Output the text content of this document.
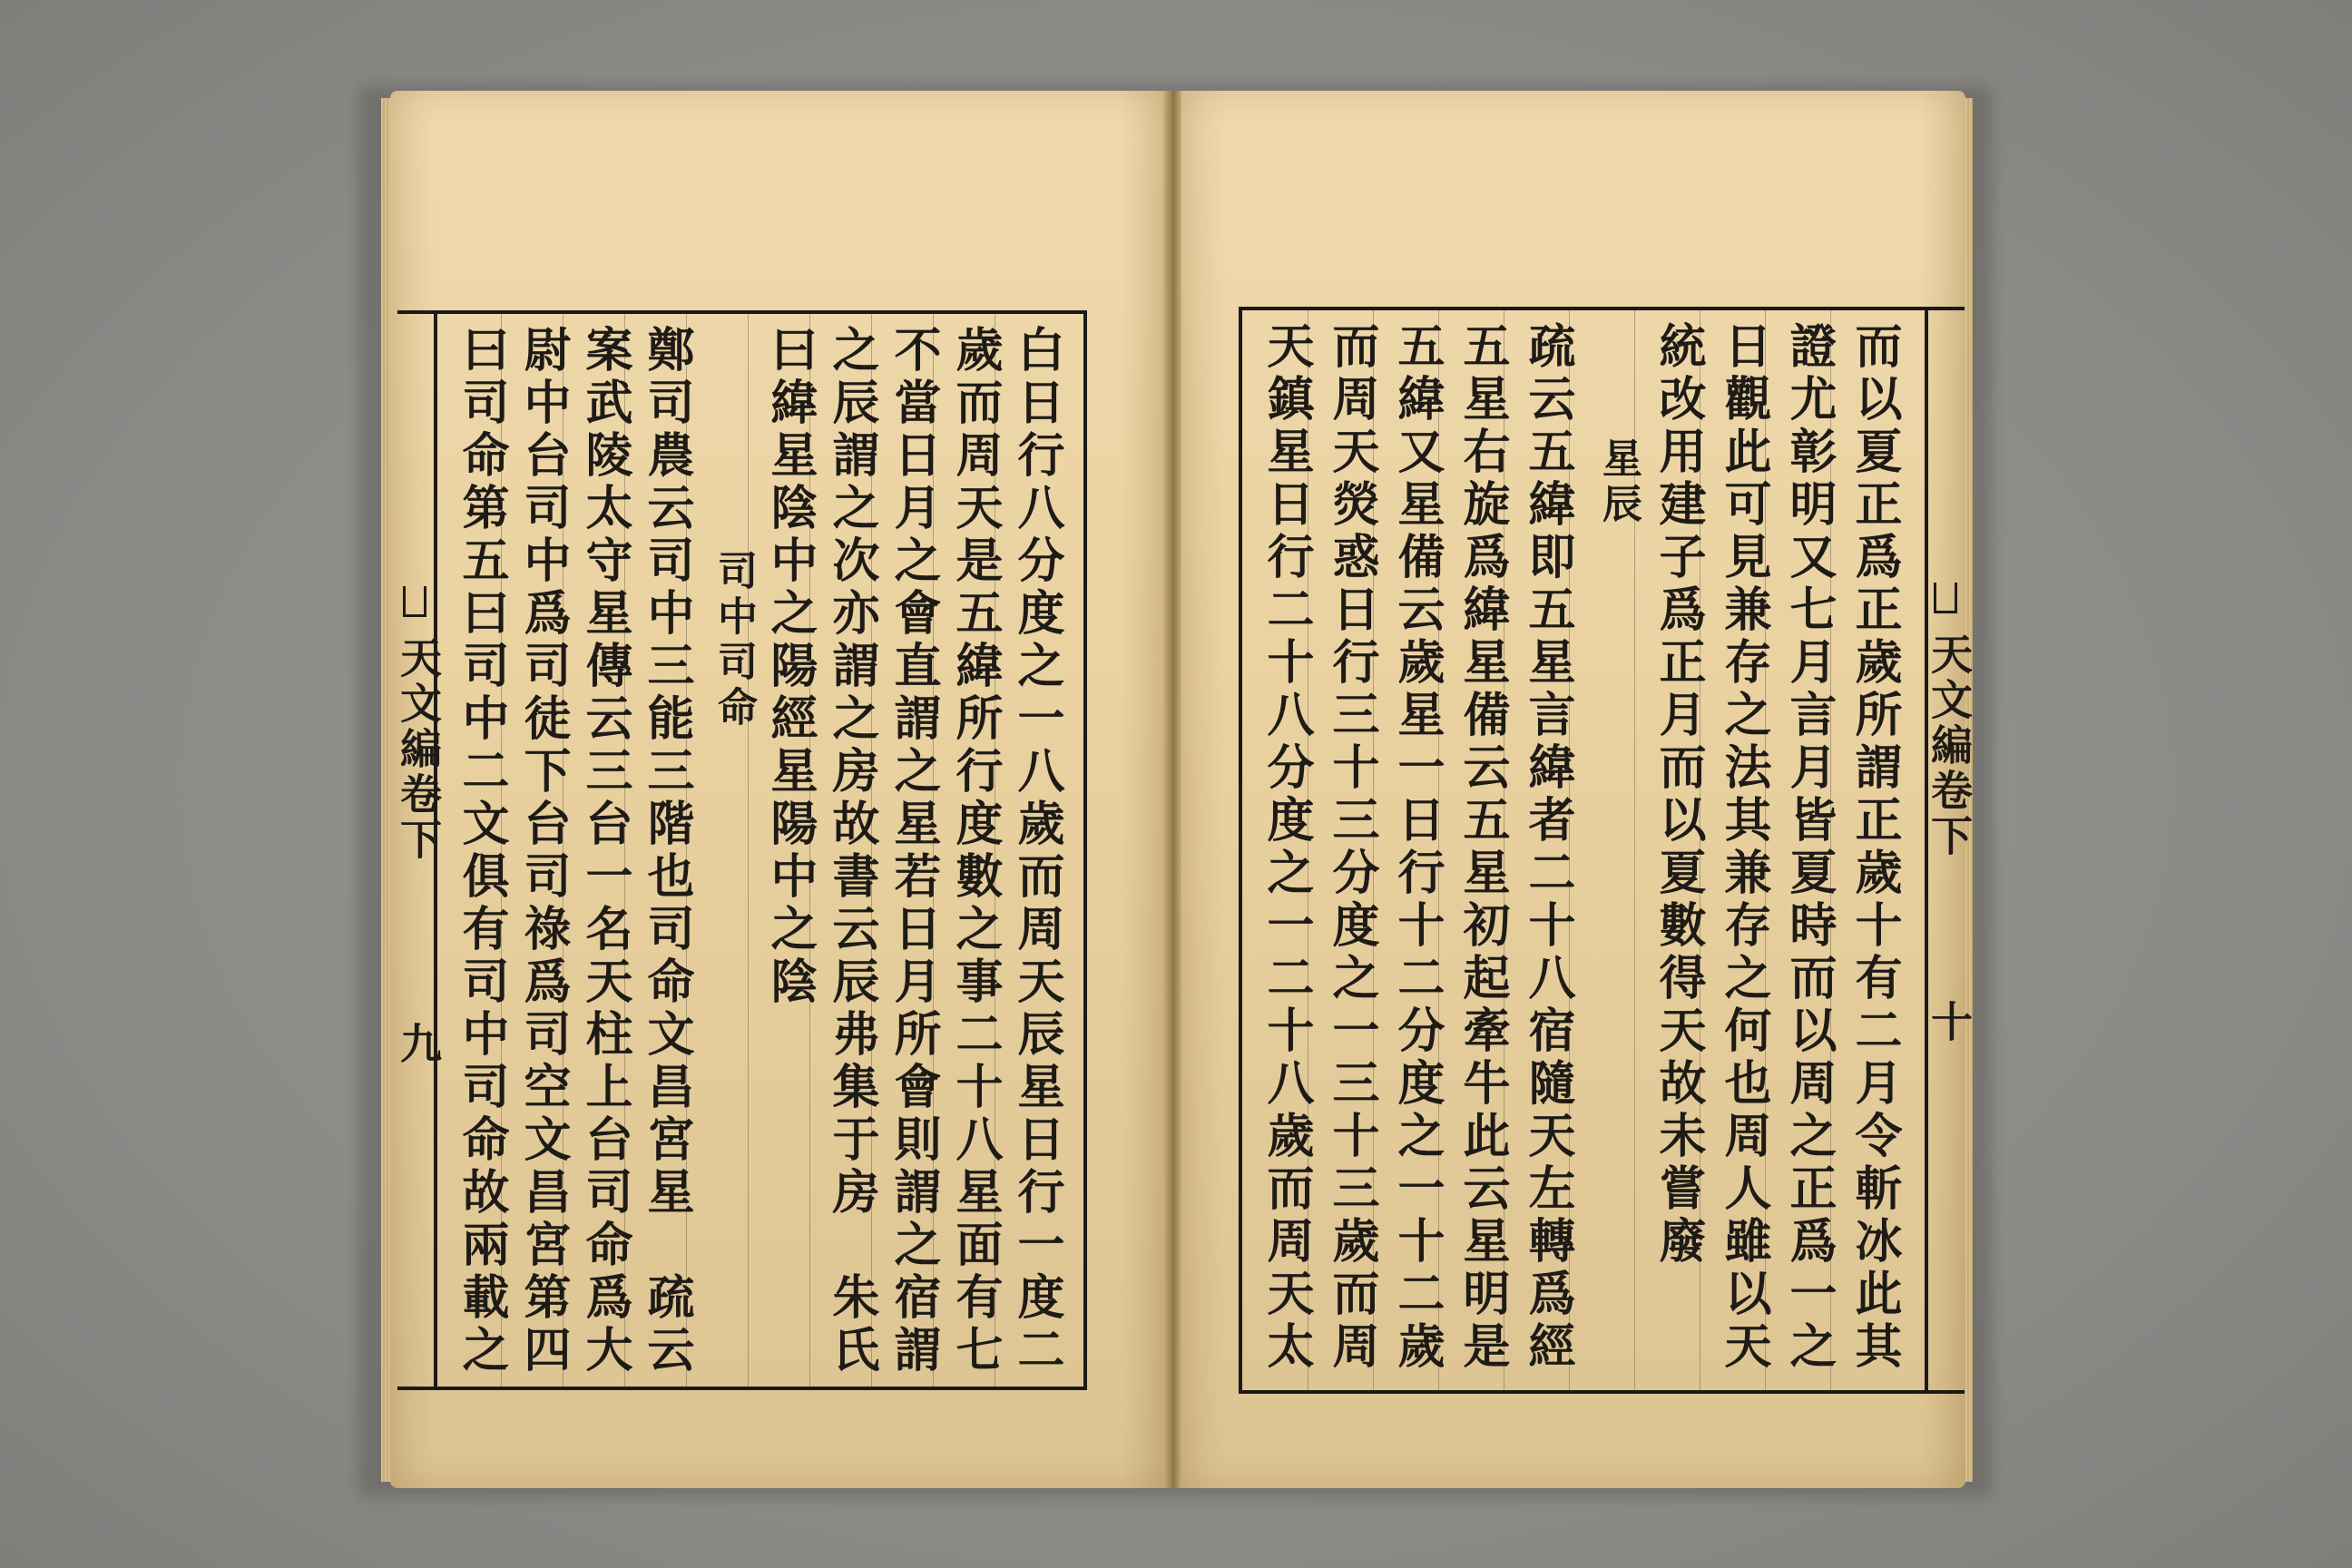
白日行八分度之一八歲而周天辰星日行一度二
歲而周天是五緯所行度數之事二十八星面有七
不當日月之會直謂之星若日月所會則謂之宿謂
之辰謂之次亦謂之房故書云辰弗集于房　朱氏
曰緯星陰中之陽經星陽中之陰
司中司命
鄭司農云司中三能三階也司命文昌宮星　疏云
案武陵太守星傳云三台一名天柱上台司命爲大
尉中台司中爲司徒下台司祿爲司空文昌宮第四
曰司命第五曰司中二文俱有司中司命故兩載之
天文編卷下
九	而以夏正爲正歲所謂正歲十有二月令斬冰此其
證尤彰明又七月言月皆夏時而以周之正爲一之
日觀此可見兼存之法其兼存之何也周人雖以天
統改用建子爲正月而以夏數得天故未嘗廢
星辰
疏云五緯即五星言緯者二十八宿隨天左轉爲經
五星右旋爲緯星備云五星初起牽牛此云星明是
五緯又星備云歲星一日行十二分度之一十二歲
而周天熒惑日行三十三分度之一三十三歲而周
天鎮星日行二十八分度之一二十八歲而周天太	天文編卷下
十
